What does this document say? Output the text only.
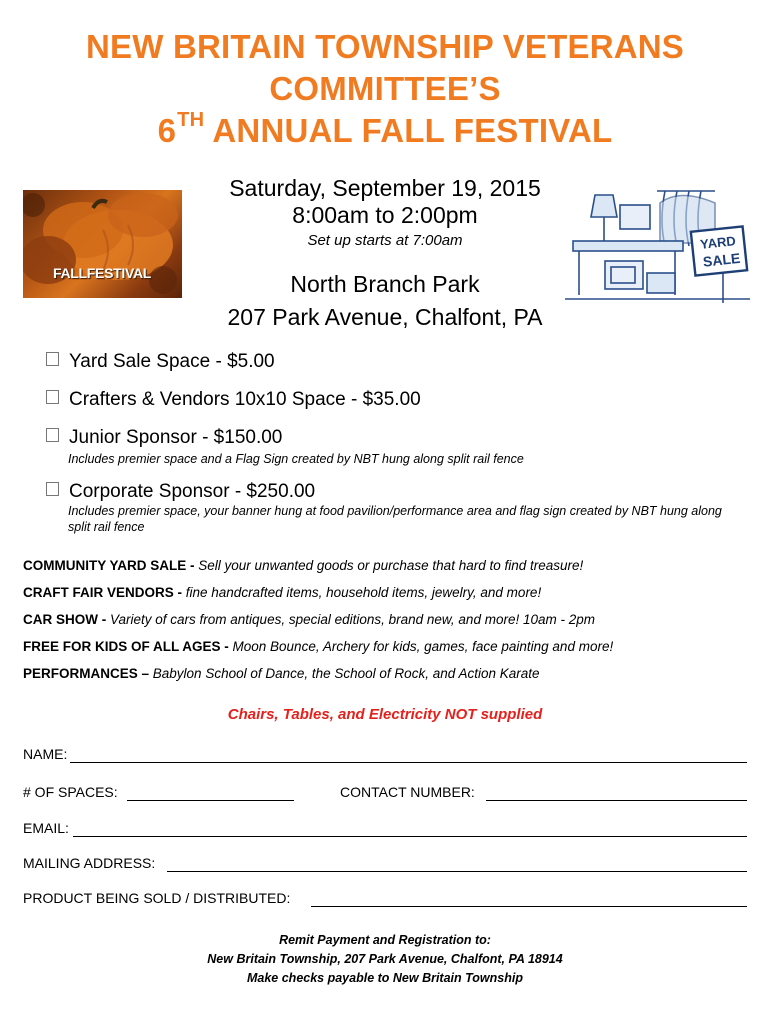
NEW BRITAIN TOWNSHIP VETERANS
COMMITTEE’S
6TH ANNUAL FALL FESTIVAL
FALLFESTIVAL
Saturday, September 19, 2015
8:00am to 2:00pm
Set up starts at 7:00am
North Branch Park
207 Park Avenue, Chalfont, PA
YARD
SALE
Yard Sale Space - $5.00
Crafters & Vendors 10x10 Space - $35.00
Junior Sponsor - $150.00
Includes premier space and a Flag Sign created by NBT hung along split rail fence
Corporate Sponsor - $250.00
Includes premier space, your banner hung at food pavilion/performance area and flag sign created by NBT hung along split rail fence
COMMUNITY YARD SALE - Sell your unwanted goods or purchase that hard to find treasure!
CRAFT FAIR VENDORS - fine handcrafted items, household items, jewelry, and more!
CAR SHOW - Variety of cars from antiques, special editions, brand new, and more! 10am - 2pm
FREE FOR KIDS OF ALL AGES - Moon Bounce, Archery for kids, games, face painting and more!
PERFORMANCES – Babylon School of Dance, the School of Rock, and Action Karate
Chairs, Tables, and Electricity NOT supplied
NAME:
# OF SPACES:	CONTACT NUMBER:
EMAIL:
MAILING ADDRESS:
PRODUCT BEING SOLD / DISTRIBUTED:
Remit Payment and Registration to:
New Britain Township, 207 Park Avenue, Chalfont, PA 18914
Make checks payable to New Britain Township
